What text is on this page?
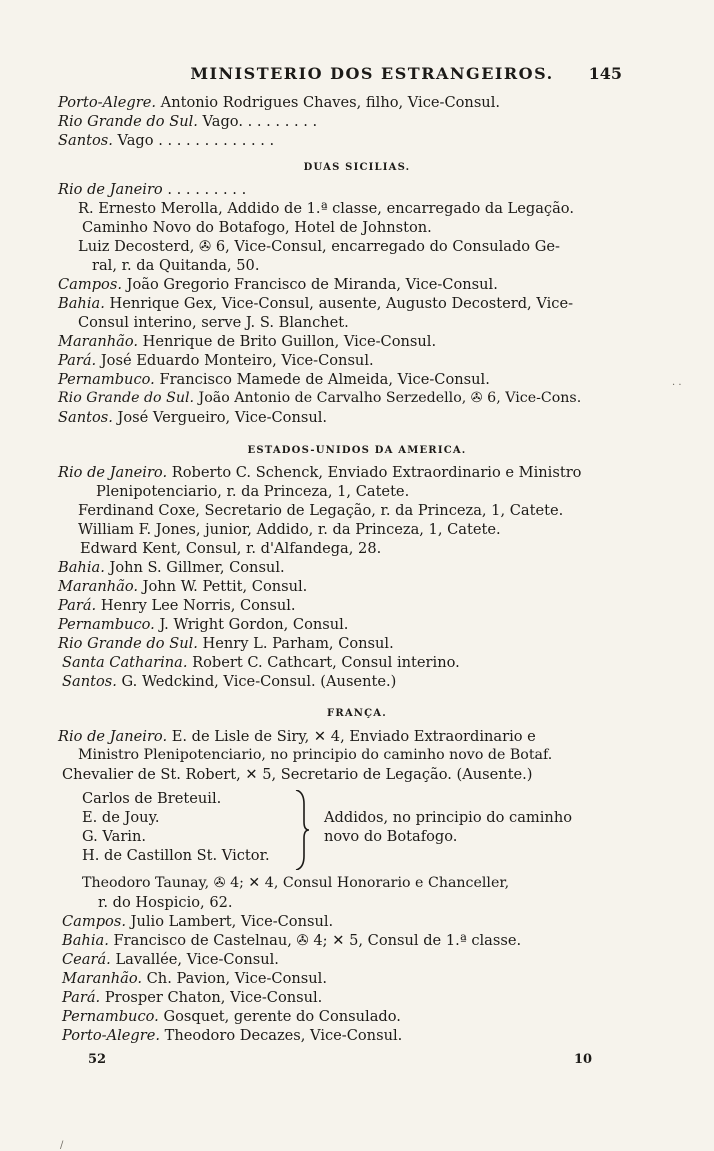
MINISTERIO DOS ESTRANGEIROS.	145
Porto-Alegre. Antonio Rodrigues Chaves, filho, Vice-Consul.
Rio Grande do Sul. Vago. . . . . . . . .
Santos. Vago . . . . . . . . . . . . .
DUAS SICILIAS.
Rio de Janeiro . . . . . . . . .
R. Ernesto Merolla, Addido de 1.ª classe, encarregado da Legação.
Caminho Novo do Botafogo, Hotel de Johnston.
Luiz Decosterd, ✇ 6, Vice-Consul, encarregado do Consulado Ge-
ral, r. da Quitanda, 50.
Campos. João Gregorio Francisco de Miranda, Vice-Consul.
Bahia. Henrique Gex, Vice-Consul, ausente, Augusto Decosterd, Vice-
Consul interino, serve J. S. Blanchet.
Maranhão. Henrique de Brito Guillon, Vice-Consul.
Pará. José Eduardo Monteiro, Vice-Consul.
Pernambuco. Francisco Mamede de Almeida, Vice-Consul.
Rio Grande do Sul. João Antonio de Carvalho Serzedello, ✇ 6, Vice-Cons.
Santos. José Vergueiro, Vice-Consul.
ESTADOS-UNIDOS DA AMERICA.
Rio de Janeiro. Roberto C. Schenck, Enviado Extraordinario e Ministro
Plenipotenciario, r. da Princeza, 1, Catete.
Ferdinand Coxe, Secretario de Legação, r. da Princeza, 1, Catete.
William F. Jones, junior, Addido, r. da Princeza, 1, Catete.
Edward Kent, Consul, r. d'Alfandega, 28.
Bahia. John S. Gillmer, Consul.
Maranhão. John W. Pettit, Consul.
Pará. Henry Lee Norris, Consul.
Pernambuco. J. Wright Gordon, Consul.
Rio Grande do Sul. Henry L. Parham, Consul.
Santa Catharina. Robert C. Cathcart, Consul interino.
Santos. G. Wedckind, Vice-Consul. (Ausente.)
FRANÇA.
Rio de Janeiro. E. de Lisle de Siry, ✕ 4, Enviado Extraordinario e
Ministro Plenipotenciario, no principio do caminho novo de Botaf.
Chevalier de St. Robert, ✕ 5, Secretario de Legação. (Ausente.)
Carlos de Breteuil.
E. de Jouy.
G. Varin.
H. de Castillon St. Victor.
Addidos, no principio do caminho
novo do Botafogo.
Theodoro Taunay, ✇ 4; ✕ 4, Consul Honorario e Chanceller,
r. do Hospicio, 62.
Campos. Julio Lambert, Vice-Consul.
Bahia. Francisco de Castelnau, ✇ 4; ✕ 5, Consul de 1.ª classe.
Ceará. Lavallée, Vice-Consul.
Maranhão. Ch. Pavion, Vice-Consul.
Pará. Prosper Chaton, Vice-Consul.
Pernambuco. Gosquet, gerente do Consulado.
Porto-Alegre. Theodoro Decazes, Vice-Consul.
52	10
· ·
/
